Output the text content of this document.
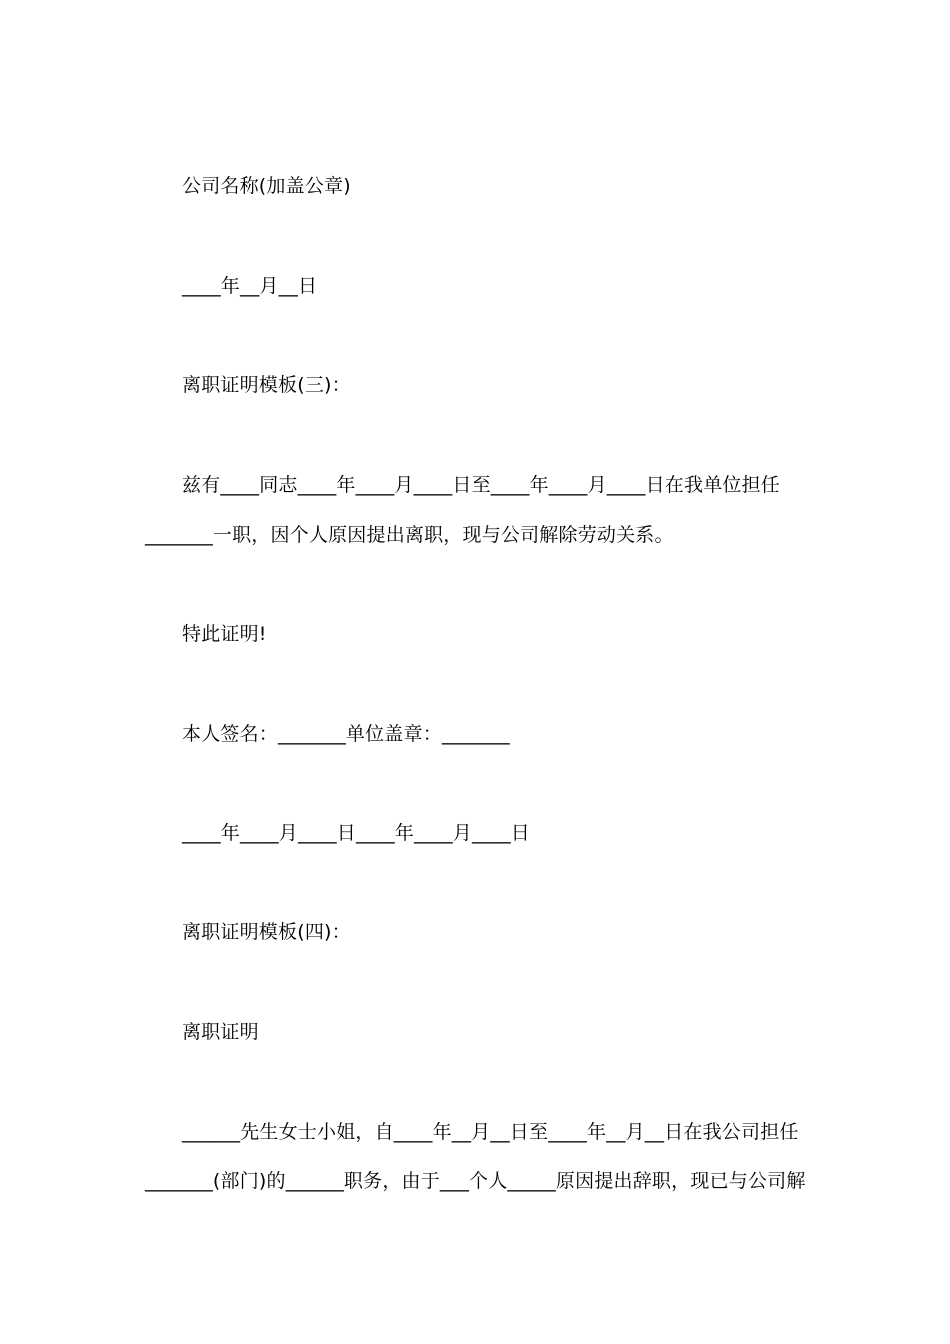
公司名称(加盖公章)
____年__月__日
离职证明模板(三)：
兹有____同志____年____月____日至____年____月____日在我单位担任
_______一职，因个人原因提出离职，现与公司解除劳动关系。
特此证明!
本人签名：_______单位盖章：_______
____年____月____日____年____月____日
离职证明模板(四)：
离职证明
______先生女士小姐，自____年__月__日至____年__月__日在我公司担任
_______(部门)的______职务，由于___个人_____原因提出辞职，现已与公司解
